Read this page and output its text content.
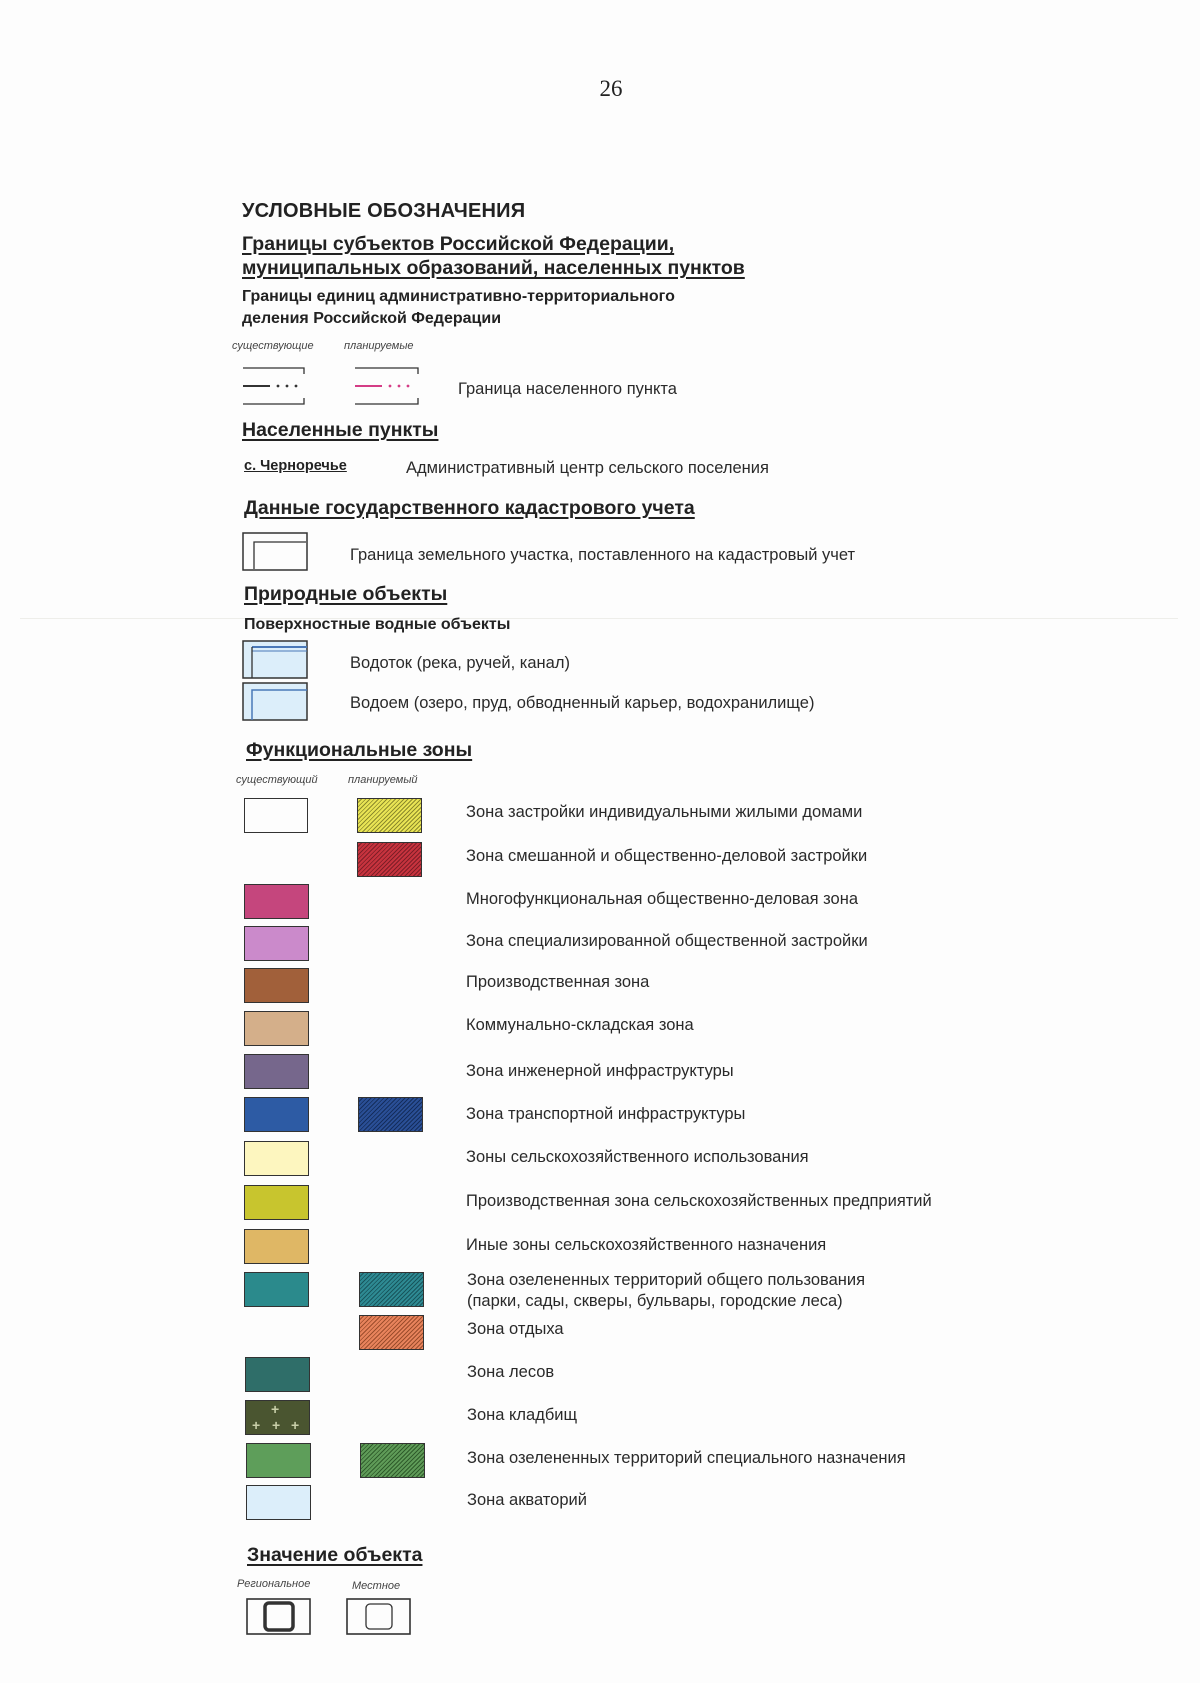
26
УСЛОВНЫЕ ОБОЗНАЧЕНИЯ
Границы субъектов Российской Федерации,
муниципальных образований, населенных пунктов
Границы единиц административно-территориального
деления Российской Федерации
существующие	планируемые
Граница населенного пункта
Населенные пункты
с. Черноречье	Административный центр сельского поселения
Данные государственного кадастрового учета
Граница земельного участка, поставленного на кадастровый учет
Природные объекты
Поверхностные водные объекты
Водоток (река, ручей, канал)
Водоем (озеро, пруд, обводненный карьер, водохранилище)
Функциональные зоны
существующий	планируемый
Зона застройки индивидуальными жилыми домами
Зона смешанной и общественно-деловой застройки
Многофункциональная общественно-деловая зона
Зона специализированной общественной застройки
Производственная зона
Коммунально-складская зона
Зона инженерной инфраструктуры
Зона транспортной инфраструктуры
Зоны сельскохозяйственного использования
Производственная зона сельскохозяйственных предприятий
Иные зоны сельскохозяйственного назначения
Зона озелененных территорий общего пользования
(парки, сады, скверы, бульвары, городские леса)
Зона отдыха
Зона лесов
+
+ + +
Зона кладбищ
Зона озелененных территорий специального назначения
Зона акваторий
Значение объекта
Региональное	Местное
